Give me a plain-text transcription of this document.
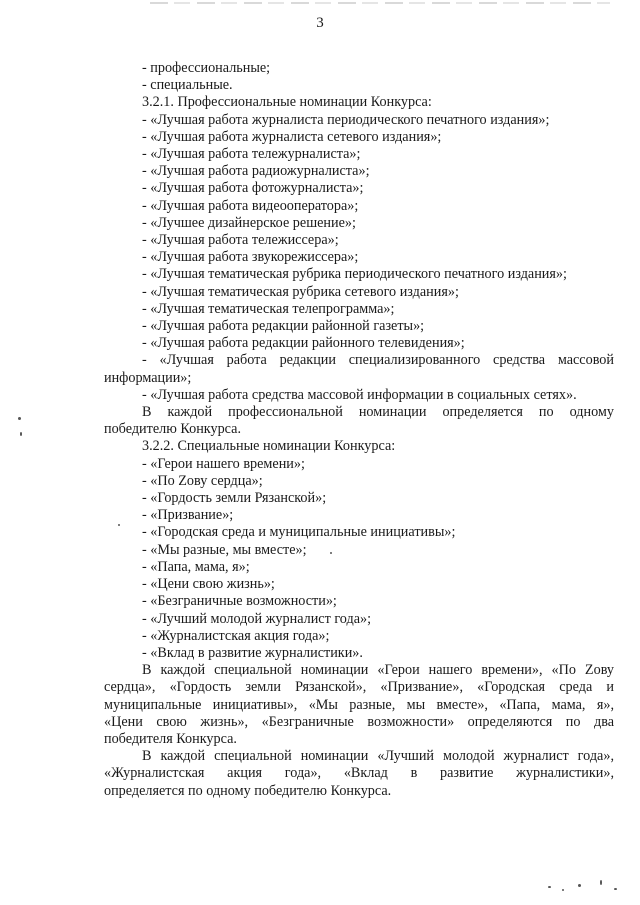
3

- профессиональные;

- специальные.

3.2.1. Профессиональные номинации Конкурса:

- «Лучшая работа журналиста периодического печатного издания»;

- «Лучшая работа журналиста сетевого издания»;

- «Лучшая работа тележурналиста»;

- «Лучшая работа радиожурналиста»;

- «Лучшая работа фотожурналиста»;

- «Лучшая работа видеооператора»;

- «Лучшее дизайнерское решение»;

- «Лучшая работа тележиссера»;

- «Лучшая работа звукорежиссера»;

- «Лучшая тематическая рубрика периодического печатного издания»;

- «Лучшая тематическая рубрика сетевого издания»;

- «Лучшая тематическая телепрограмма»;

- «Лучшая работа редакции районной газеты»;

- «Лучшая работа редакции районного телевидения»;

- «Лучшая работа редакции специализированного средства массовой

информации»;

- «Лучшая работа средства массовой информации в социальных сетях».

В каждой профессиональной номинации определяется по одному

победителю Конкурса.

3.2.2. Специальные номинации Конкурса:

- «Герои нашего времени»;

- «По Zову сердца»;

- «Гордость земли Рязанской»;

- «Призвание»;

- «Городская среда и муниципальные инициативы»;

- «Мы разные, мы вместе»;

- «Папа, мама, я»;

- «Цени свою жизнь»;

- «Безграничные возможности»;

- «Лучший молодой журналист года»;

- «Журналистская акция года»;

- «Вклад в развитие журналистики».

В каждой специальной номинации «Герои нашего времени», «По Zову

сердца», «Гордость земли Рязанской», «Призвание», «Городская среда и

муниципальные инициативы», «Мы разные, мы вместе», «Папа, мама, я»,

«Цени свою жизнь», «Безграничные возможности» определяются по два

победителя Конкурса.

В каждой специальной номинации «Лучший молодой журналист года»,

«Журналистская акция года», «Вклад в развитие журналистики»,

определяется по одному победителю Конкурса.
